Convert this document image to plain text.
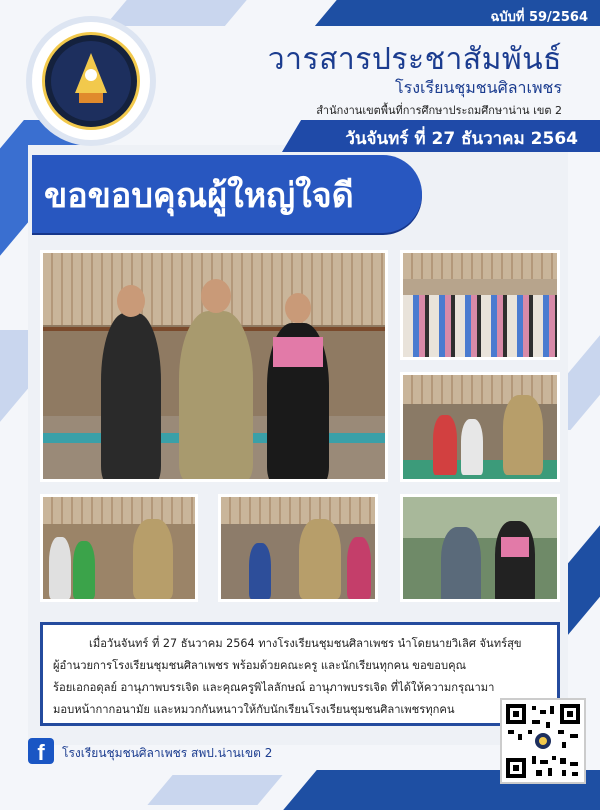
ฉบับที่ 59/2564
วารสารประชาสัมพันธ์
โรงเรียนชุมชนศิลาเพชร
สำนักงานเขตพื้นที่การศึกษาประถมศึกษาน่าน เขต 2
วันจันทร์ ที่ 27 ธันวาคม 2564
ขอขอบคุณผู้ใหญ่ใจดี

เมื่อวันจันทร์ ที่ 27 ธันวาคม 2564 ทางโรงเรียนชุมชนศิลาเพชร นำโดยนายวิเลิศ จันทร์สุข

ผู้อำนวยการโรงเรียนชุมชนศิลาเพชร พร้อมด้วยคณะครู และนักเรียนทุกคน ขอขอบคุณ
ร้อยเอกอดุลย์ อานุภาพบรรเจิด และคุณครูพิไลลักษณ์ อานุภาพบรรเจิด ที่ได้ให้ความกรุณามา
มอบหน้ากากอนามัย และหมวกกันหนาวให้กับนักเรียนโรงเรียนชุมชนศิลาเพชรทุกคน
f	โรงเรียนชุมชนศิลาเพชร สพป.น่านเขต 2
